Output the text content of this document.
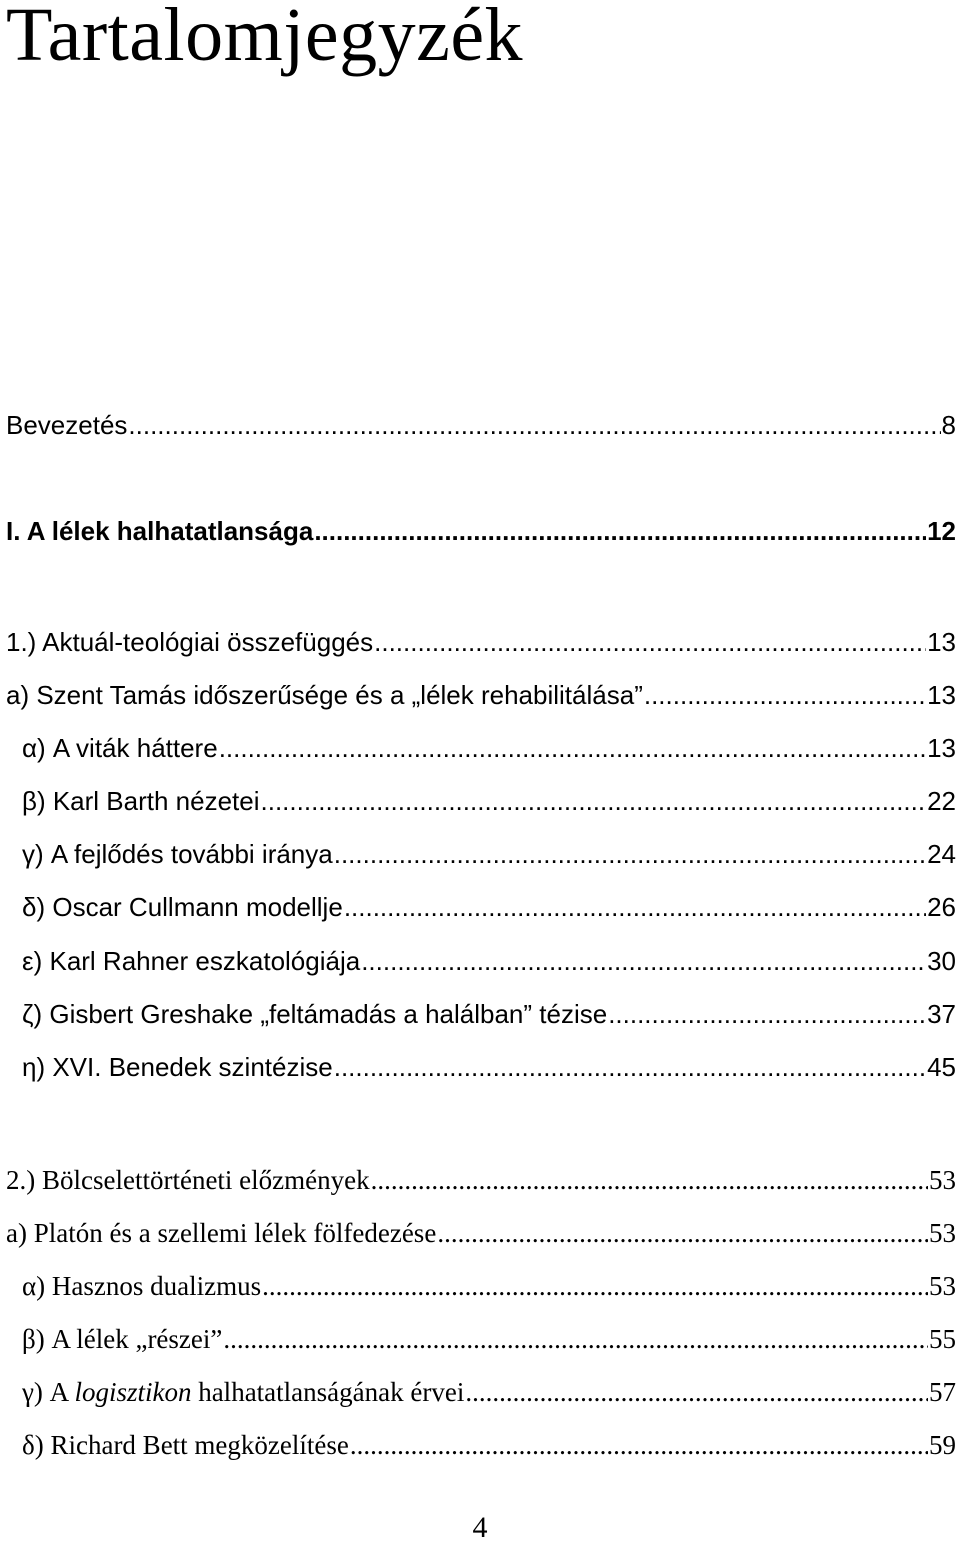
Tartalomjegyzék
Bevezetés .....	8
I. A lélek halhatatlansága .....	12
1.) Aktuál-teológiai összefüggés .....	13
a) Szent Tamás időszerűsége és a „lélek rehabilitálása” .....	13
α) A viták háttere .....	13
β) Karl Barth nézetei .....	22
γ) A fejlődés további iránya .....	24
δ) Oscar Cullmann modellje .....	26
ε) Karl Rahner eszkatológiája .....	30
ζ) Gisbert Greshake „feltámadás a halálban” tézise .....	37
η) XVI. Benedek szintézise .....	45
2.) Bölcselettörténeti előzmények .....	53
a) Platón és a szellemi lélek fölfedezése .....	53
α) Hasznos dualizmus .....	53
β) A lélek „részei” .....	55
γ) A logisztikon halhatatlanságának érvei .....	57
δ) Richard Bett megközelítése .....	59
4
